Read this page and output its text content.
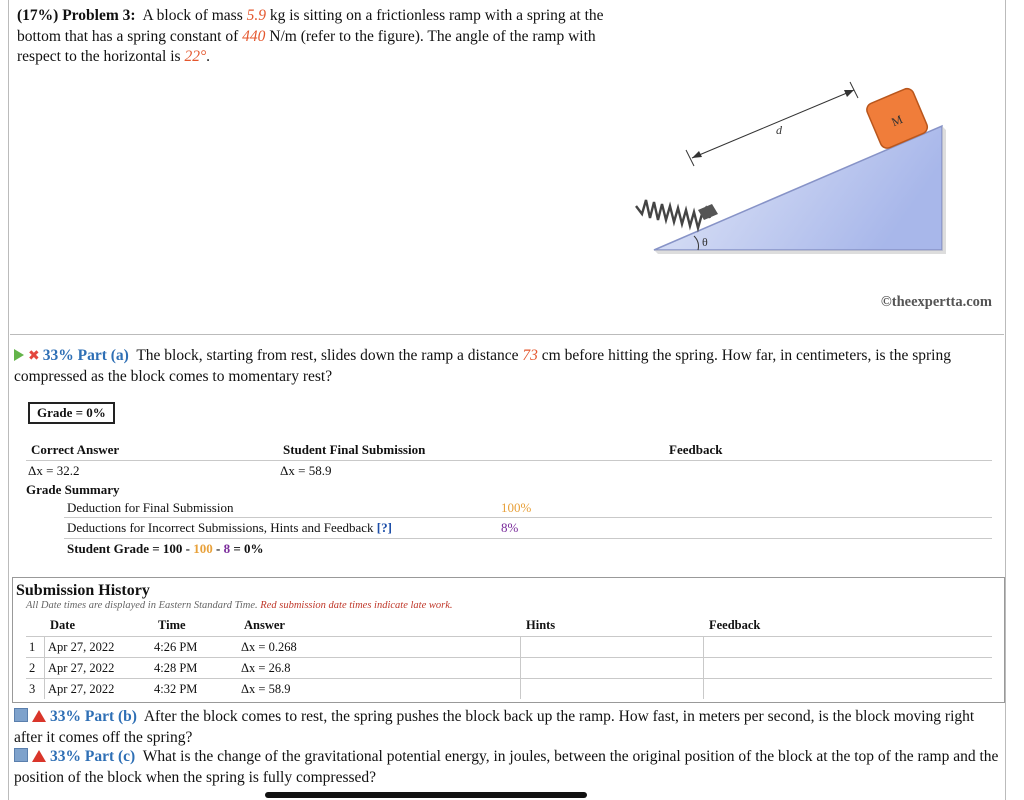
(17%) Problem 3: A block of mass 5.9 kg is sitting on a frictionless ramp with a spring at the bottom that has a spring constant of 440 N/m (refer to the figure). The angle of the ramp with respect to the horizontal is 22°.
M
d
θ
©theexpertta.com
✖ 33% Part (a) The block, starting from rest, slides down the ramp a distance 73 cm before hitting the spring. How far, in centimeters, is the spring compressed as the block comes to momentary rest?
Grade = 0%
Correct Answer	Student Final Submission	Feedback
Δx = 32.2	Δx = 58.9
Grade Summary
Deduction for Final Submission	100%
Deductions for Incorrect Submissions, Hints and Feedback [?]	8%
Student Grade = 100 - 100 - 8 = 0%
Submission History
All Date times are displayed in Eastern Standard Time. Red submission date times indicate late work.
Date	Time	Answer	Hints	Feedback
1 Apr 27, 2022	4:26 PM	Δx = 0.268
2 Apr 27, 2022	4:28 PM	Δx = 26.8
3 Apr 27, 2022	4:32 PM	Δx = 58.9
33% Part (b) After the block comes to rest, the spring pushes the block back up the ramp. How fast, in meters per second, is the block moving right after it comes off the spring?
33% Part (c) What is the change of the gravitational potential energy, in joules, between the original position of the block at the top of the ramp and the position of the block when the spring is fully compressed?
